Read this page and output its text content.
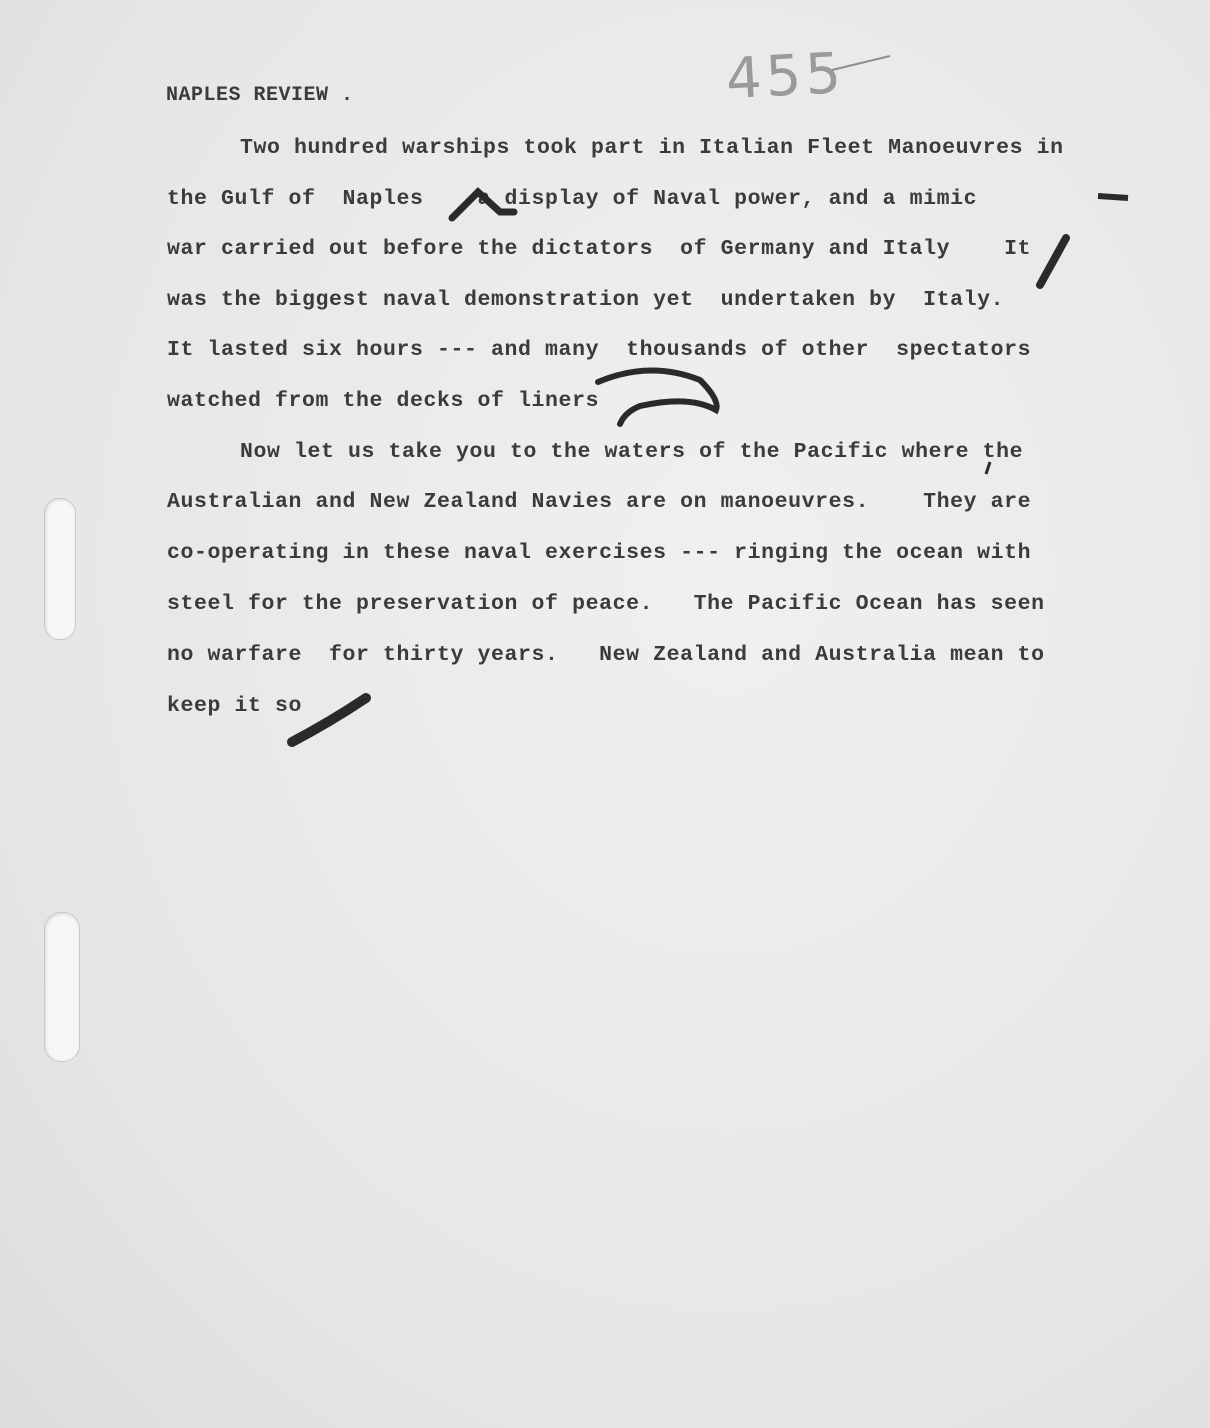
455
NAPLES REVIEW .
Two hundred warships took part in Italian Fleet Manoeuvres in
the Gulf of  Naples    a display of Naval power, and a mimic
war carried out before the dictators  of Germany and Italy    It
was the biggest naval demonstration yet  undertaken by  Italy.
It lasted six hours --- and many  thousands of other  spectators
watched from the decks of liners
Now let us take you to the waters of the Pacific where the
Australian and New Zealand Navies are on manoeuvres.    They are
co-operating in these naval exercises --- ringing the ocean with
steel for the preservation of peace.   The Pacific Ocean has seen
no warfare  for thirty years.   New Zealand and Australia mean to
keep it so
